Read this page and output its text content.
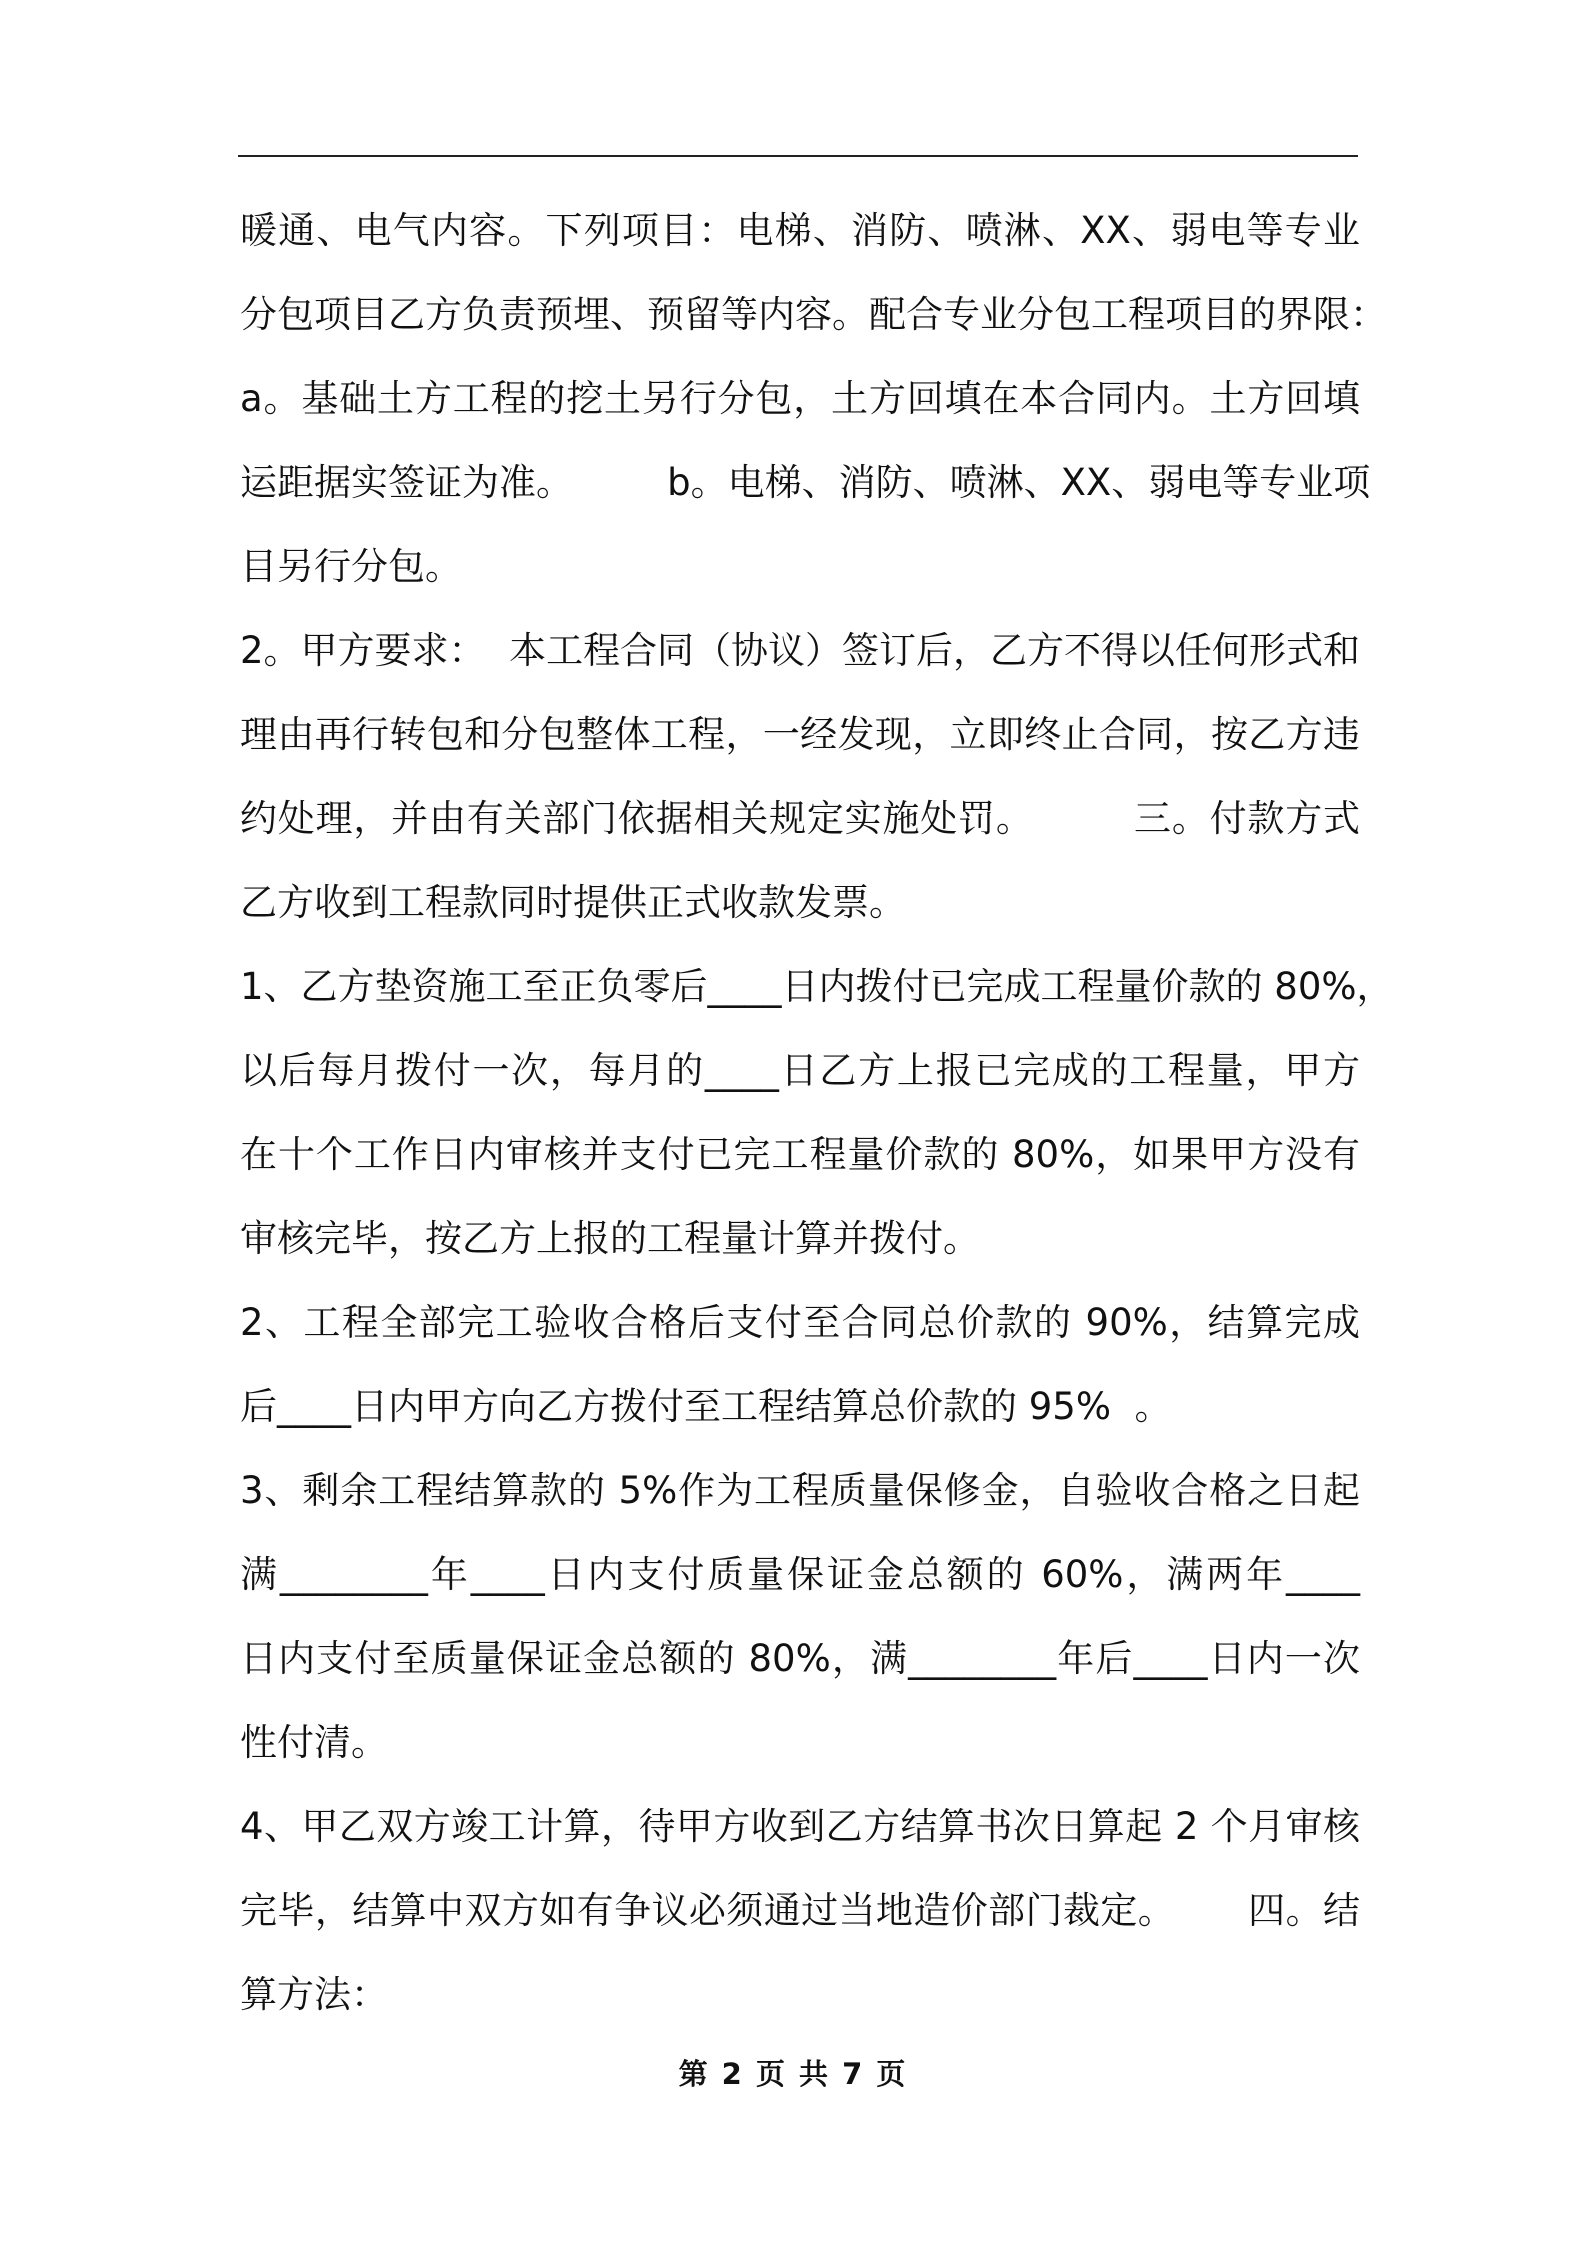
暖通、电气内容。下列项目：电梯、消防、喷淋、XX、弱电等专业
分包项目乙方负责预埋、预留等内容。配合专业分包工程项目的界限：
a。基础土方工程的挖土另行分包，土方回填在本合同内。土方回填
运距据实签证为准。        b。电梯、消防、喷淋、XX、弱电等专业项
目另行分包。
2。甲方要求：  本工程合同（协议）签订后，乙方不得以任何形式和
理由再行转包和分包整体工程，一经发现，立即终止合同，按乙方违
约处理，并由有关部门依据相关规定实施处罚。        三。付款方式
乙方收到工程款同时提供正式收款发票。
1、乙方垫资施工至正负零后____日内拨付已完成工程量价款的 80%，
以后每月拨付一次，每月的____日乙方上报已完成的工程量，甲方
在十个工作日内审核并支付已完工程量价款的 80%，如果甲方没有
审核完毕，按乙方上报的工程量计算并拨付。
2、工程全部完工验收合格后支付至合同总价款的 90%，结算完成
后____日内甲方向乙方拨付至工程结算总价款的 95%  。
3、剩余工程结算款的 5%作为工程质量保修金，自验收合格之日起
满________年____日内支付质量保证金总额的 60%，满两年____
日内支付至质量保证金总额的 80%，满________年后____日内一次
性付清。
4、甲乙双方竣工计算，待甲方收到乙方结算书次日算起 2 个月审核
完毕，结算中双方如有争议必须通过当地造价部门裁定。      四。结
算方法：
第 2 页 共 7 页
